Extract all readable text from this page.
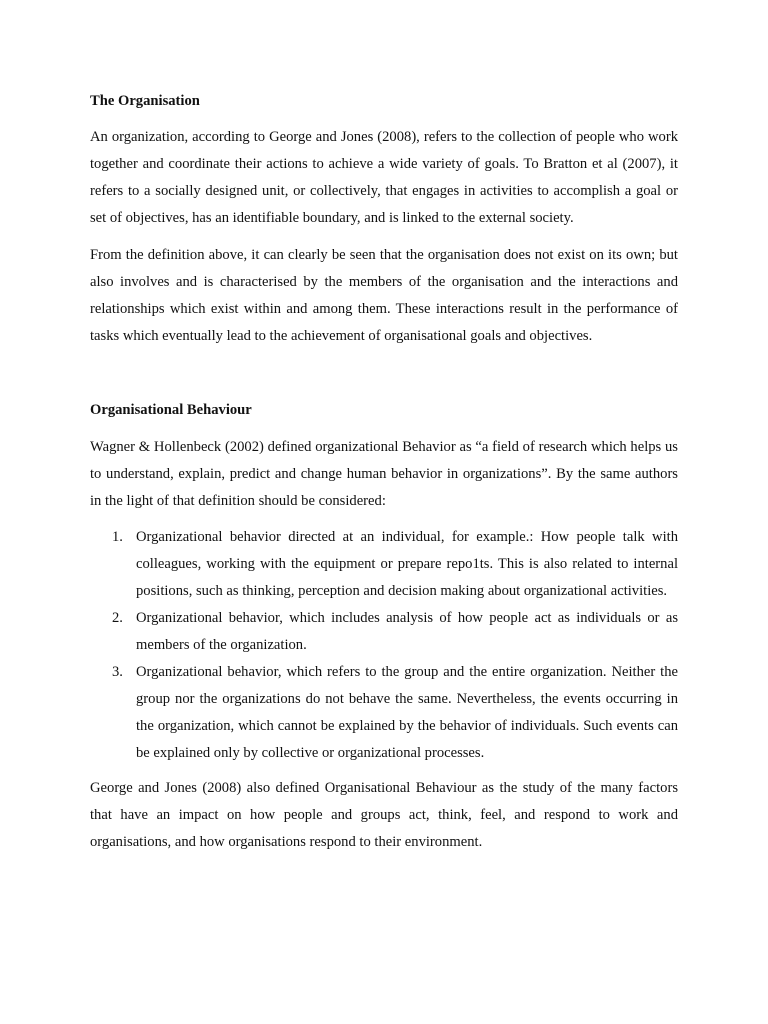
The Organisation

An organization, according to George and Jones (2008), refers to the collection of people who work together and coordinate their actions to achieve a wide variety of goals. To Bratton et al (2007), it refers to a socially designed unit, or collectively, that engages in activities to accomplish a goal or set of objectives, has an identifiable boundary, and is linked to the external society.

From the definition above, it can clearly be seen that the organisation does not exist on its own; but also involves and is characterised by the members of the organisation and the interactions and relationships which exist within and among them. These interactions result in the performance of tasks which eventually lead to the achievement of organisational goals and objectives.

Organisational Behaviour

Wagner & Hollenbeck (2002) defined organizational Behavior as “a field of research which helps us to understand, explain, predict and change human behavior in organizations”. By the same authors in the light of that definition should be considered:

1. Organizational behavior directed at an individual, for example.: How people talk with colleagues, working with the equipment or prepare repo1ts. This is also related to internal positions, such as thinking, perception and decision making about organizational activities.
2. Organizational behavior, which includes analysis of how people act as individuals or as members of the organization.
3. Organizational behavior, which refers to the group and the entire organization. Neither the group nor the organizations do not behave the same. Nevertheless, the events occurring in the organization, which cannot be explained by the behavior of individuals. Such events can be explained only by collective or organizational processes.

George and Jones (2008) also defined Organisational Behaviour as the study of the many factors that have an impact on how people and groups act, think, feel, and respond to work and organisations, and how organisations respond to their environment.
